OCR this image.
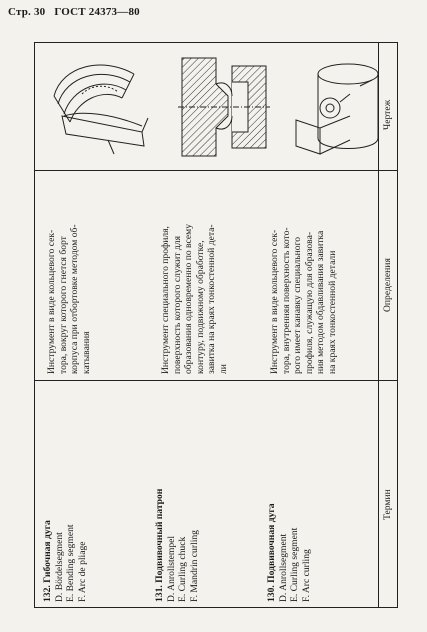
Стр. 30 ГОСТ 24373—80
Чертеж
Определения
Термин
130. Подвивочная дуга D. Anrollsegment E. Curling segment F. Arc curling
Инструмент в виде кольцевого сек- тора, внутренняя поверхность кото- рого имеет канавку специального профиля, служащую для образова- ния методом обдавливания завитка на краях тонкостенной детали
131. Подвивочный патрон D. Anrollstempel E. Curling chuck F. Mandrin curling
Инструмент специального профиля, поверхность которого служит для образования одновременно по всему контуру, подвижному обработке, завитка на краях тонкостенной дета- ли
132. Гибочная дуга D. Bördelsegment E. Bending segment F. Arc de pliage
Инструмент в виде кольцевого сек- тора, вокруг которого гнется борт корпуса при отбортовке методом об- катывания
